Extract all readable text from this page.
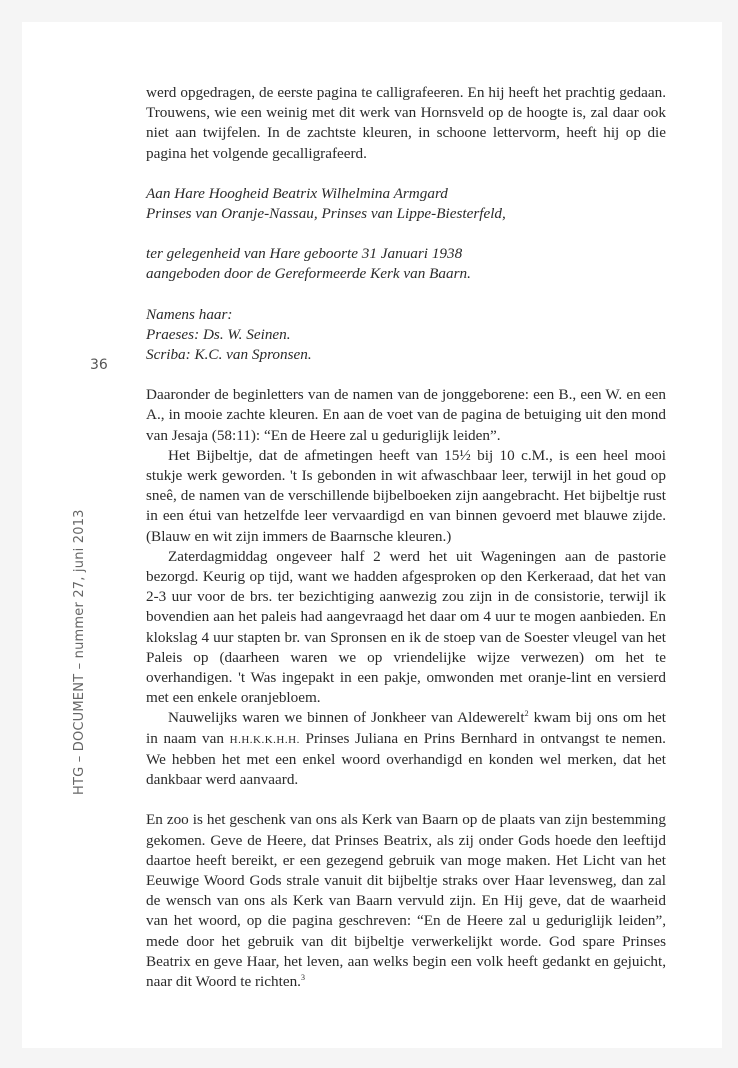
36
HTG – DOCUMENT – nummer 27, juni 2013

werd opgedragen, de eerste pagina te calligrafeeren. En hij heeft het prachtig gedaan. Trouwens, wie een weinig met dit werk van Hornsveld op de hoogte is, zal daar ook niet aan twijfelen. In de zachtste kleuren, in schoone lettervorm, heeft hij op die pagina het volgende gecalligrafeerd.

Aan Hare Hoogheid Beatrix Wilhelmina Armgard

Prinses van Oranje-Nassau, Prinses van Lippe-Biesterfeld,

ter gelegenheid van Hare geboorte 31 Januari 1938

aangeboden door de Gereformeerde Kerk van Baarn.

Namens haar:

Praeses: Ds. W. Seinen.

Scriba: K.C. van Spronsen.

Daaronder de beginletters van de namen van de jonggeborene: een B., een W. en een A., in mooie zachte kleuren. En aan de voet van de pagina de betuiging uit den mond van Jesaja (58:11): “En de Heere zal u geduriglijk leiden”.

Het Bijbeltje, dat de afmetingen heeft van 15½ bij 10 c.M., is een heel mooi stukje werk geworden. 't Is gebonden in wit afwaschbaar leer, terwijl in het goud op sneê, de namen van de verschillende bijbelboeken zijn aangebracht. Het bijbeltje rust in een étui van hetzelfde leer vervaardigd en van binnen gevoerd met blauwe zijde. (Blauw en wit zijn immers de Baarnsche kleuren.)

Zaterdagmiddag ongeveer half 2 werd het uit Wageningen aan de pastorie bezorgd. Keurig op tijd, want we hadden afgesproken op den Kerkeraad, dat het van 2-3 uur voor de brs. ter bezichtiging aanwezig zou zijn in de consistorie, terwijl ik bovendien aan het paleis had aangevraagd het daar om 4 uur te mogen aanbieden. En klokslag 4 uur stapten br. van Spronsen en ik de stoep van de Soester vleugel van het Paleis op (daarheen waren we op vriendelijke wijze verwezen) om het te overhandigen. 't Was ingepakt in een pakje, omwonden met oranje-lint en versierd met een enkele oranjebloem.

Nauwelijks waren we binnen of Jonkheer van Aldewerelt$^2$ kwam bij ons om het in naam van H.H.K.K.H.H. Prinses Juliana en Prins Bernhard in ontvangst te nemen. We hebben het met een enkel woord overhandigd en konden wel merken, dat het dankbaar werd aanvaard.

En zoo is het geschenk van ons als Kerk van Baarn op de plaats van zijn bestemming gekomen. Geve de Heere, dat Prinses Beatrix, als zij onder Gods hoede den leeftijd daartoe heeft bereikt, er een gezegend gebruik van moge maken. Het Licht van het Eeuwige Woord Gods strale vanuit dit bijbeltje straks over Haar levensweg, dan zal de wensch van ons als Kerk van Baarn vervuld zijn. En Hij geve, dat de waarheid van het woord, op die pagina geschreven: “En de Heere zal u geduriglijk leiden”, mede door het gebruik van dit bijbeltje verwerkelijkt worde. God spare Prinses Beatrix en geve Haar, het leven, aan welks begin een volk heeft gedankt en gejuicht, naar dit Woord te richten.$^3$
